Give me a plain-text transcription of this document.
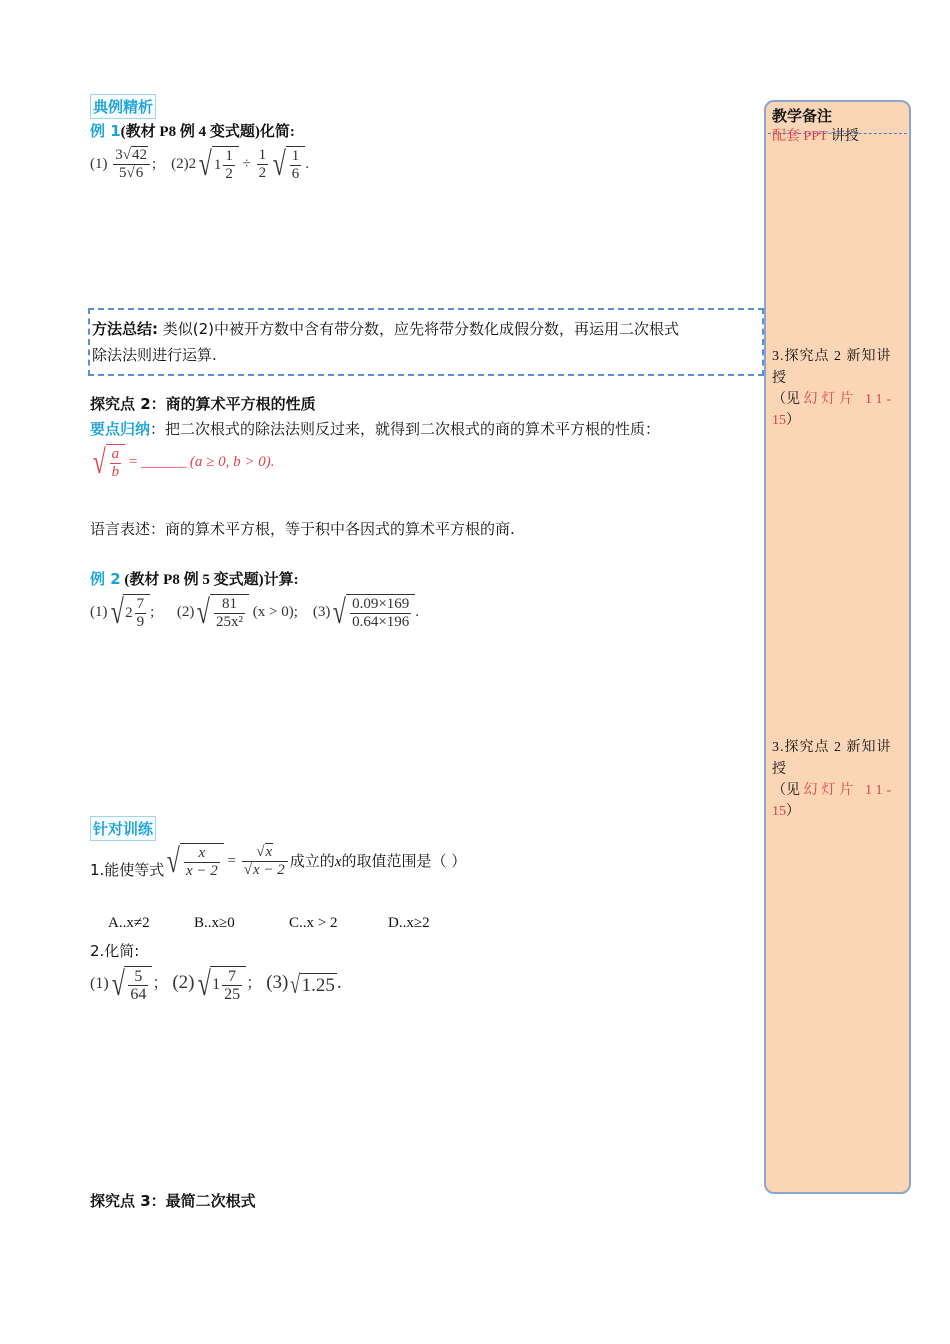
典例精析
例 1(教材 P8 例 4 变式题)化简:
$(1) \frac{3√42}{5√6}$ ; (2)2√ $1 \frac{1}{2} \div \frac{1}{2}$ √ $\frac{1}{6}$ .
方法总结: 类似(2)中被开方数中含有带分数，应先将带分数化成假分数，再运用二次根式
除法法则进行运算.
探究点 2：商的算术平方根的性质
要点归纳：把二次根式的除法法则反过来，就得到二次根式的商的算术平方根的性质：
√ $\frac{a}{b}$ = ______ (a ≥ 0, b > 0).
语言表述：商的算术平方根，等于积中各因式的算术平方根的商.
例 2 (教材 P8 例 5 变式题)计算:
(1)√ $2 \frac{7}{9}$ ; $(2)√ \frac{81}{\text{25x²}} (x > 0)$; $(3)√ \frac{0.09\times 169}{0.64\times 196}$ .
针对训练
1.能使等式√ $\frac{x}{x - 2} = \frac{√x}{√x - 2}$ 成立的x的取值范围是（ ）
A..x≠2	B..x≥0	C..x > 2	D..x≥2
2.化简:
$(1)√ \frac{5}{64}$ ； (2)√ $1 \frac{7}{25}$ ； (3)√1.25 .
探究点 3：最简二次根式
教学备注
配套 PPT 讲授
3.探究点 2 新知讲
授
（见 幻灯片 11-
15）
3.探究点 2 新知讲
授
（见 幻灯片 11-
15）
